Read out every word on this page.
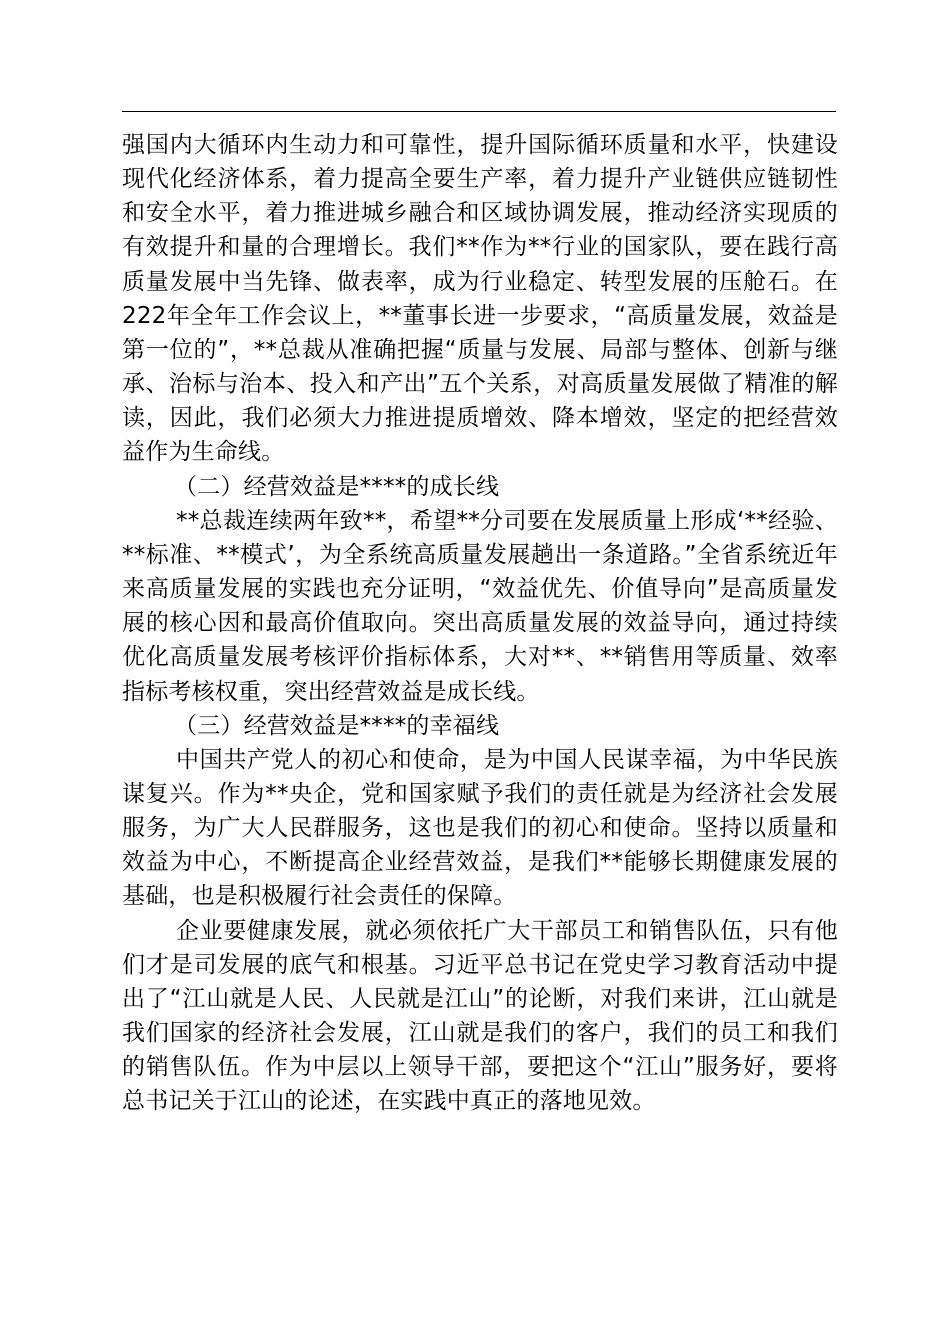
强国内大循环内生动力和可靠性，提升国际循环质量和水平，快建设现代化经济体系，着力提高全要生产率，着力提升产业链供应链韧性和安全水平，着力推进城乡融合和区域协调发展，推动经济实现质的有效提升和量的合理增长。我们**作为**行业的国家队，要在践行高质量发展中当先锋、做表率，成为行业稳定、转型发展的压舱石。在222年全年工作会议上，**董事长进一步要求，“高质量发展，效益是第一位的”，**总裁从准确把握“质量与发展、局部与整体、创新与继承、治标与治本、投入和产出”五个关系，对高质量发展做了精准的解读，因此，我们必须大力推进提质增效、降本增效，坚定的把经营效益作为生命线。

（二）经营效益是****的成长线

**总裁连续两年致**，希望**分司要在发展质量上形成‘**经验、**标准、**模式’，为全系统高质量发展趟出一条道路。”全省系统近年来高质量发展的实践也充分证明，“效益优先、价值导向”是高质量发展的核心因和最高价值取向。突出高质量发展的效益导向，通过持续优化高质量发展考核评价指标体系，大对**、**销售用等质量、效率指标考核权重，突出经营效益是成长线。

（三）经营效益是****的幸福线

中国共产党人的初心和使命，是为中国人民谋幸福，为中华民族谋复兴。作为**央企，党和国家赋予我们的责任就是为经济社会发展服务，为广大人民群服务，这也是我们的初心和使命。坚持以质量和效益为中心，不断提高企业经营效益，是我们**能够长期健康发展的基础，也是积极履行社会责任的保障。

企业要健康发展，就必须依托广大干部员工和销售队伍，只有他们才是司发展的底气和根基。习近平总书记在党史学习教育活动中提出了“江山就是人民、人民就是江山”的论断，对我们来讲，江山就是我们国家的经济社会发展，江山就是我们的客户，我们的员工和我们的销售队伍。作为中层以上领导干部，要把这个“江山”服务好，要将总书记关于江山的论述，在实践中真正的落地见效。
